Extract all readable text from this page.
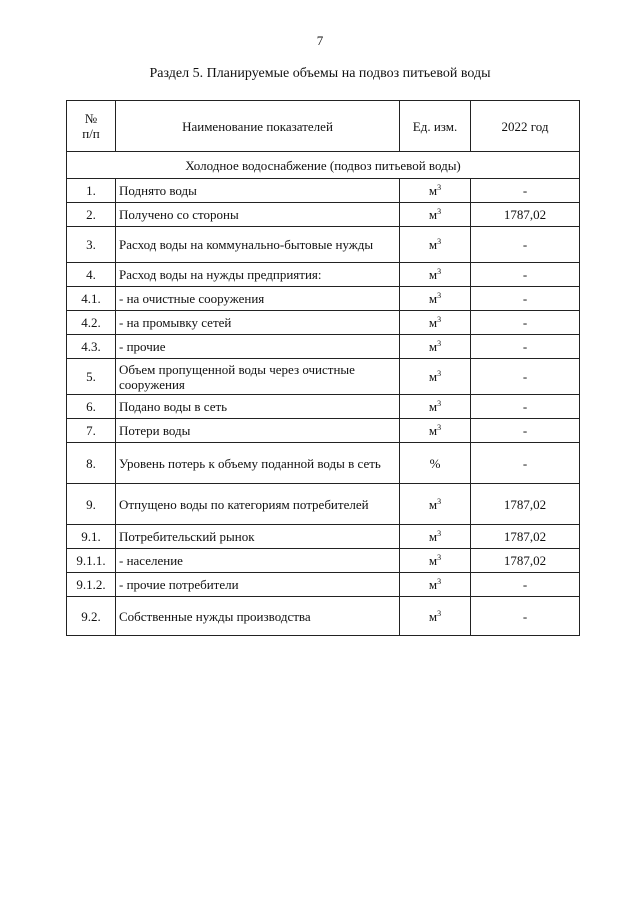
7
Раздел 5. Планируемые объемы на подвоз питьевой воды
№
п/п	Наименование показателей	Ед. изм.	2022 год
Холодное водоснабжение (подвоз питьевой воды)			
1.	Поднято воды	$м^3$	-
2.	Получено со стороны	$м^3$	1787,02
3.	Расход воды на коммунально-бытовые нужды	$м^3$	-
4.	Расход воды на нужды предприятия:	$м^3$	-
4.1.	- на очистные сооружения	$м^3$	-
4.2.	- на промывку сетей	$м^3$	-
4.3.	- прочие	$м^3$	-
5.	Объем пропущенной воды через очистные сооружения	$м^3$	-
6.	Подано воды в сеть	$м^3$	-
7.	Потери воды	$м^3$	-
8.	Уровень потерь к объему поданной воды в сеть	%	-
9.	Отпущено воды по категориям потребителей	$м^3$	1787,02
9.1.	Потребительский рынок	$м^3$	1787,02
9.1.1.	- население	$м^3$	1787,02
9.1.2.	- прочие потребители	$м^3$	-
9.2.	Собственные нужды производства	$м^3$	-
